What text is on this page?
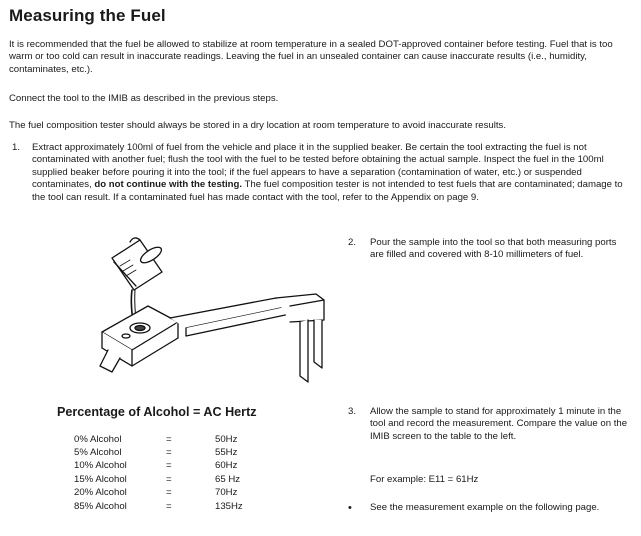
Measuring the Fuel
It is recommended that the fuel be allowed to stabilize at room temperature in a sealed DOT-approved container before testing. Fuel that is too warm or too cold can result in inaccurate readings. Leaving the fuel in an unsealed container can cause inaccurate results (i.e., humidity, contaminates, etc.).
Connect the tool to the IMIB as described in the previous steps.
The fuel composition tester should always be stored in a dry location at room temperature to avoid inaccurate results.
1. Extract approximately 100ml of fuel from the vehicle and place it in the supplied beaker. Be certain the tool extracting the fuel is not contaminated with another fuel; flush the tool with the fuel to be tested before obtaining the actual sample. Inspect the fuel in the 100ml supplied beaker before pouring it into the tool; if the fuel appears to have a separation (contamination of water, etc.) or suspended contaminates, do not continue with the testing. The fuel composition tester is not intended to test fuels that are contaminated; damage to the tool can result. If a contaminated fuel has made contact with the tool, refer to the Appendix on page 9.
2. Pour the sample into the tool so that both measuring ports are filled and covered with 8-10 millimeters of fuel.
Percentage of Alcohol = AC Hertz
0% Alcohol	=	50Hz
5% Alcohol	=	55Hz
10% Alcohol	=	60Hz
15% Alcohol	=	65 Hz
20% Alcohol	=	70Hz
85% Alcohol	=	135Hz
3. Allow the sample to stand for approximately 1 minute in the tool and record the measurement. Compare the value on the IMIB screen to the table to the left.
For example: E11 = 61Hz
• See the measurement example on the following page.
